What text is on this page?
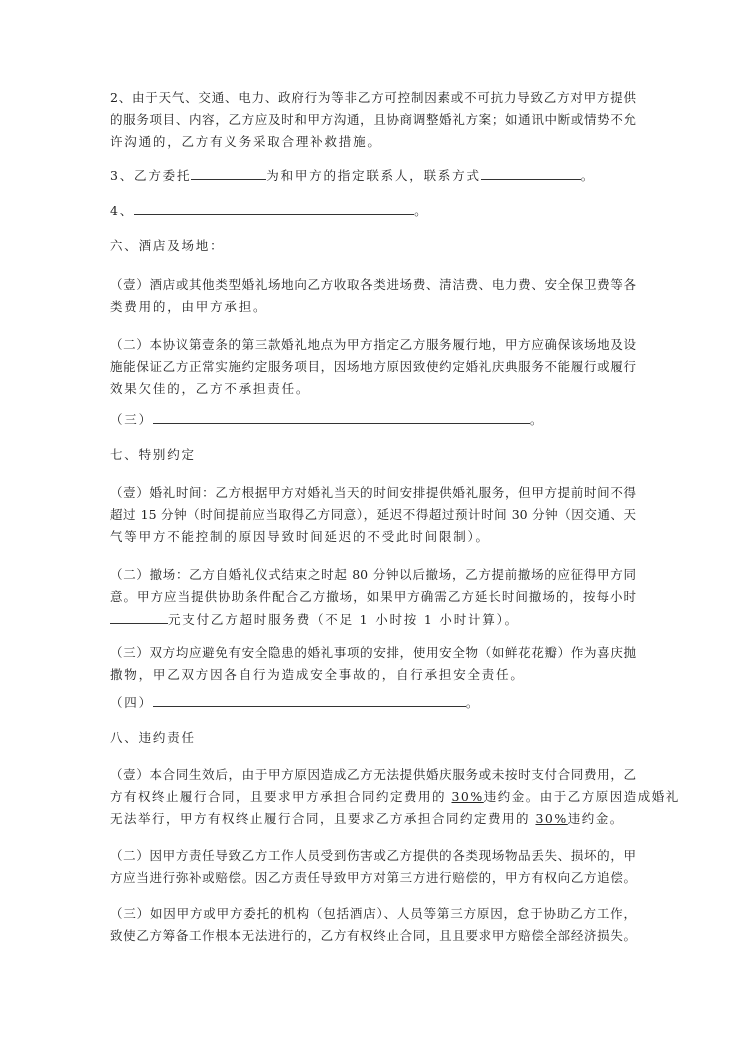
2、由于天气、交通、电力、政府行为等非乙方可控制因素或不可抗力导致乙方对甲方提供
的服务项目、内容，乙方应及时和甲方沟通，且协商调整婚礼方案；如通讯中断或情势不允
许沟通的，乙方有义务采取合理补救措施。
3、乙方委托	为和甲方的指定联系人，联系方式	。
4、	。
六、酒店及场地：
（壹）酒店或其他类型婚礼场地向乙方收取各类进场费、清洁费、电力费、安全保卫费等各
类费用的，由甲方承担。
（二）本协议第壹条的第三款婚礼地点为甲方指定乙方服务履行地，甲方应确保该场地及设
施能保证乙方正常实施约定服务项目，因场地方原因致使约定婚礼庆典服务不能履行或履行
效果欠佳的，乙方不承担责任。
（三）	。
七、特别约定
（壹）婚礼时间：乙方根据甲方对婚礼当天的时间安排提供婚礼服务，但甲方提前时间不得
超过 15 分钟（时间提前应当取得乙方同意），延迟不得超过预计时间 30 分钟（因交通、天
气等甲方不能控制的原因导致时间延迟的不受此时间限制）。
（二）撤场：乙方自婚礼仪式结束之时起 80 分钟以后撤场，乙方提前撤场的应征得甲方同
意。甲方应当提供协助条件配合乙方撤场，如果甲方确需乙方延长时间撤场的，按每小时
元支付乙方超时服务费（不足 1 小时按 1 小时计算）。
（三）双方均应避免有安全隐患的婚礼事项的安排，使用安全物（如鲜花花瓣）作为喜庆抛
撒物，甲乙双方因各自行为造成安全事故的，自行承担安全责任。
（四）	。
八、违约责任
（壹）本合同生效后，由于甲方原因造成乙方无法提供婚庆服务或未按时支付合同费用，乙
方有权终止履行合同，且要求甲方承担合同约定费用的 30%违约金。由于乙方原因造成婚礼
无法举行，甲方有权终止履行合同，且要求乙方承担合同约定费用的 30%违约金。
（二）因甲方责任导致乙方工作人员受到伤害或乙方提供的各类现场物品丢失、损坏的，甲
方应当进行弥补或赔偿。因乙方责任导致甲方对第三方进行赔偿的，甲方有权向乙方追偿。
（三）如因甲方或甲方委托的机构（包括酒店）、人员等第三方原因，怠于协助乙方工作，
致使乙方筹备工作根本无法进行的，乙方有权终止合同，且且要求甲方赔偿全部经济损失。
